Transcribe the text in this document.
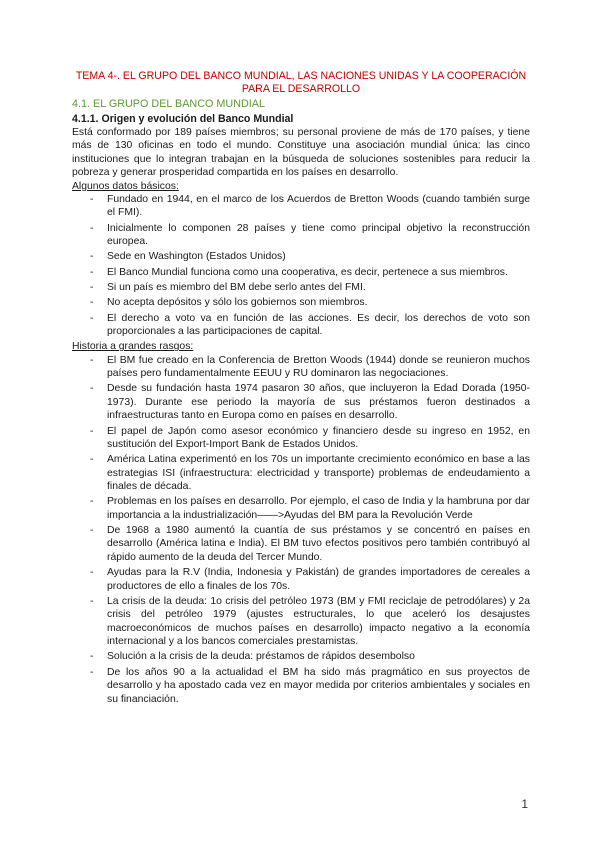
TEMA 4-. EL GRUPO DEL BANCO MUNDIAL, LAS NACIONES UNIDAS Y LA COOPERACIÓN PARA EL DESARROLLO

4.1. EL GRUPO DEL BANCO MUNDIAL

4.1.1. Origen y evolución del Banco Mundial

Está conformado por 189 países miembros; su personal proviene de más de 170 países, y tiene más de 130 oficinas en todo el mundo. Constituye una asociación mundial única: las cinco instituciones que lo integran trabajan en la búsqueda de soluciones sostenibles para reducir la pobreza y generar prosperidad compartida en los países en desarrollo.

Algunos datos básicos:

- Fundado en 1944, en el marco de los Acuerdos de Bretton Woods (cuando también surge el FMI).
- Inicialmente lo componen 28 países y tiene como principal objetivo la reconstrucción europea.
- Sede en Washington (Estados Unidos)
- El Banco Mundial funciona como una cooperativa, es decir, pertenece a sus miembros.
- Si un país es miembro del BM debe serlo antes del FMI.
- No acepta depósitos y sólo los gobiernos son miembros.
- El derecho a voto va en función de las acciones. Es decir, los derechos de voto son proporcionales a las participaciones de capital.

Historia a grandes rasgos:

- El BM fue creado en la Conferencia de Bretton Woods (1944) donde se reunieron muchos países pero fundamentalmente EEUU y RU dominaron las negociaciones.
- Desde su fundación hasta 1974 pasaron 30 años, que incluyeron la Edad Dorada (1950-1973). Durante ese periodo la mayoría de sus préstamos fueron destinados a infraestructuras tanto en Europa como en países en desarrollo.
- El papel de Japón como asesor económico y financiero desde su ingreso en 1952, en sustitución del Export-Import Bank de Estados Unidos.
- América Latina experimentó en los 70s un importante crecimiento económico en base a las estrategias ISI (infraestructura: electricidad y transporte) problemas de endeudamiento a finales de década.
- Problemas en los países en desarrollo. Por ejemplo, el caso de India y la hambruna por dar importancia a la industrialización——>Ayudas del BM para la Revolución Verde
- De 1968 a 1980 aumentó la cuantía de sus préstamos y se concentró en países en desarrollo (América latina e India). El BM tuvo efectos positivos pero también contribuyó al rápido aumento de la deuda del Tercer Mundo.
- Ayudas para la R.V (India, Indonesia y Pakistán) de grandes importadores de cereales a productores de ello a finales de los 70s.
- La crisis de la deuda: 1o crisis del petróleo 1973 (BM y FMI reciclaje de petrodólares) y 2a crisis del petróleo 1979 (ajustes estructurales, lo que aceleró los desajustes macroeconómicos de muchos países en desarrollo) impacto negativo a la economía internacional y a los bancos comerciales prestamistas.
- Solución a la crisis de la deuda: préstamos de rápidos desembolso
- De los años 90 a la actualidad el BM ha sido más pragmático en sus proyectos de desarrollo y ha apostado cada vez en mayor medida por criterios ambientales y sociales en su financiación.
1
